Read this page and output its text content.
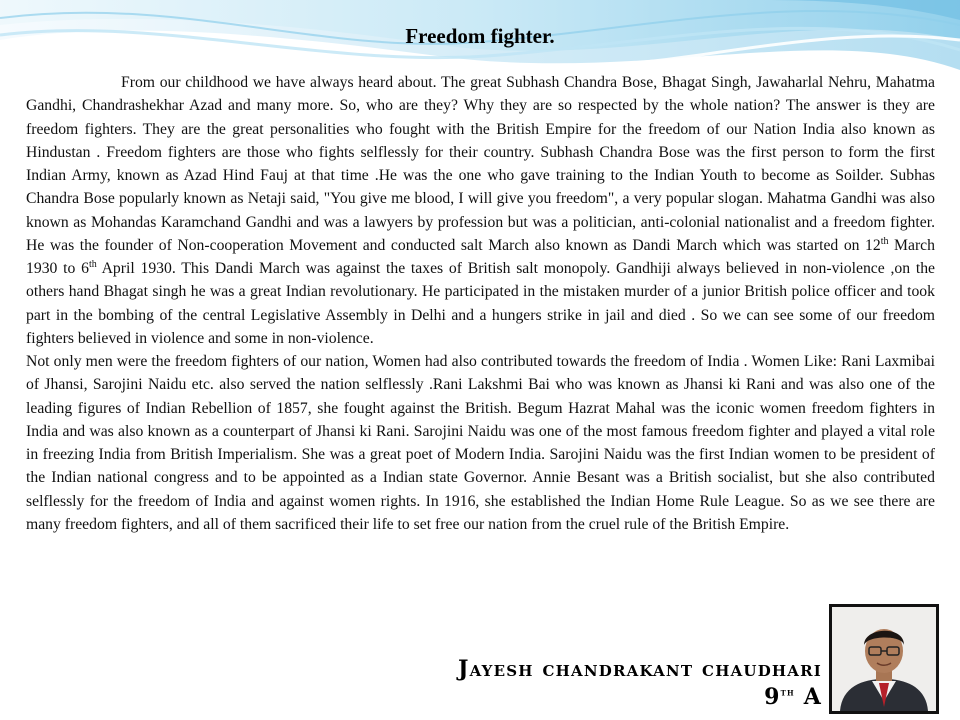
Freedom fighter.

From our childhood we have always heard about. The great Subhash Chandra Bose, Bhagat Singh, Jawaharlal Nehru, Mahatma Gandhi, Chandrashekhar Azad and many more. So, who are they? Why they are so respected by the whole nation? The answer is they are freedom fighters. They are the great personalities who fought with the British Empire for the freedom of our Nation India also known as Hindustan . Freedom fighters are those who fights selflessly for their country. Subhash Chandra Bose was the first person to form the first Indian Army, known as Azad Hind Fauj at that time .He was the one who gave training to the Indian Youth to become as Soilder. Subhas Chandra Bose popularly known as Netaji said, "You give me blood, I will give you freedom", a very popular slogan. Mahatma Gandhi was also known as Mohandas Karamchand Gandhi and was a lawyers by profession but was a politician, anti-colonial nationalist and a freedom fighter. He was the founder of Non-cooperation Movement and conducted salt March also known as Dandi March which was started on 12th March 1930 to 6th April 1930. This Dandi March was against the taxes of British salt monopoly. Gandhiji always believed in non-violence ,on the others hand Bhagat singh he was a great Indian revolutionary. He participated in the mistaken murder of a junior British police officer and took part in the bombing of the central Legislative Assembly in Delhi and a hungers strike in jail and died . So we can see some of our freedom fighters believed in violence and some in non-violence.

Not only men were the freedom fighters of our nation, Women had also contributed towards the freedom of India . Women Like: Rani Laxmibai of Jhansi, Sarojini Naidu etc. also served the nation selflessly .Rani Lakshmi Bai who was known as Jhansi ki Rani and was also one of the leading figures of Indian Rebellion of 1857, she fought against the British. Begum Hazrat Mahal was the iconic women freedom fighters in India and was also known as a counterpart of Jhansi ki Rani. Sarojini Naidu was one of the most famous freedom fighter and played a vital role in freezing India from British Imperialism. She was a great poet of Modern India. Sarojini Naidu was the first Indian women to be president of the Indian national congress and to be appointed as a Indian state Governor. Annie Besant was a British socialist, but she also contributed selflessly for the freedom of India and against women rights. In 1916, she established the Indian Home Rule League. So as we see there are many freedom fighters, and all of them sacrificed their life to set free our nation from the cruel rule of the British Empire.

Jayesh chandrakant chaudhari
9th A
